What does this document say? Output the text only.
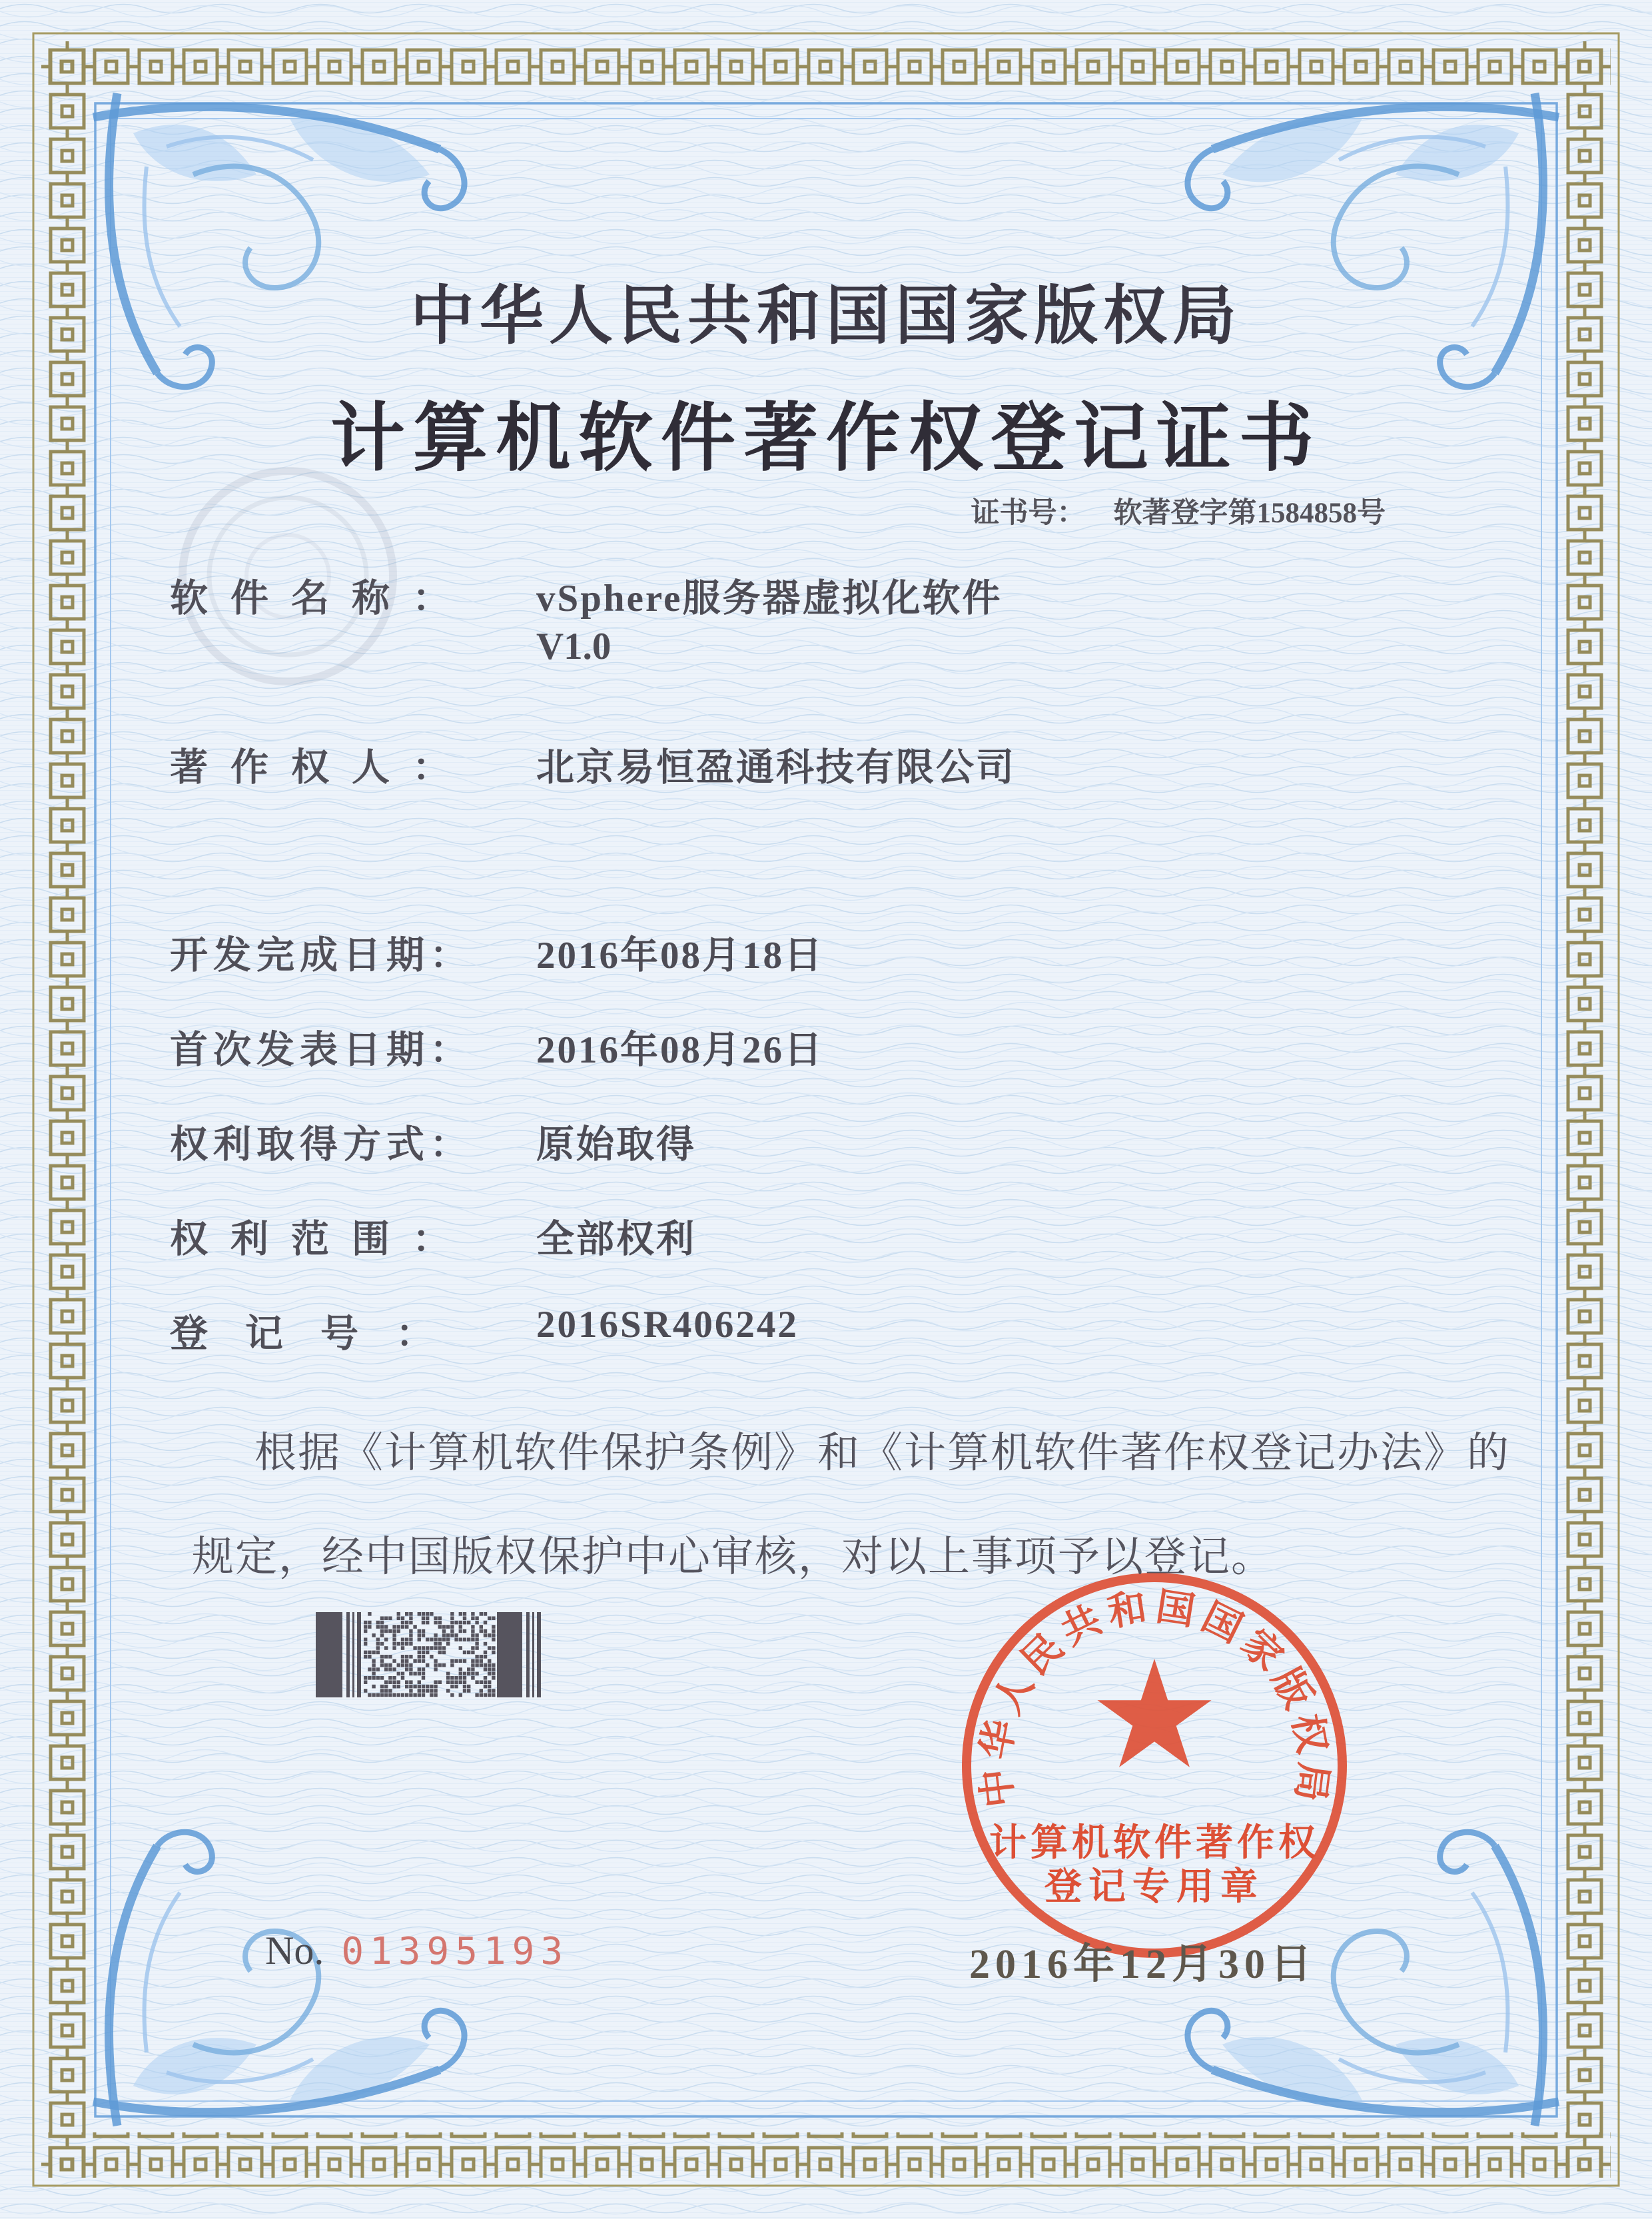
中华人民共和国国家版权局
中华人民共和国国家版权局
计算机软件著作权登记证书
证书号： 软著登字第1584858号
软件名称： vSphere服务器虚拟化软件
V1.0
著作权人： 北京易恒盈通科技有限公司
开发完成日期： 2016年08月18日
首次发表日期： 2016年08月26日
权利取得方式： 原始取得
权利范围： 全部权利
登记号： 2016SR406242
根据《计算机软件保护条例》和《计算机软件著作权登记办法》的
规定，经中国版权保护中心审核，对以上事项予以登记。
计算机软件著作权
登记专用章
2016年12月30日
No. 01395193
